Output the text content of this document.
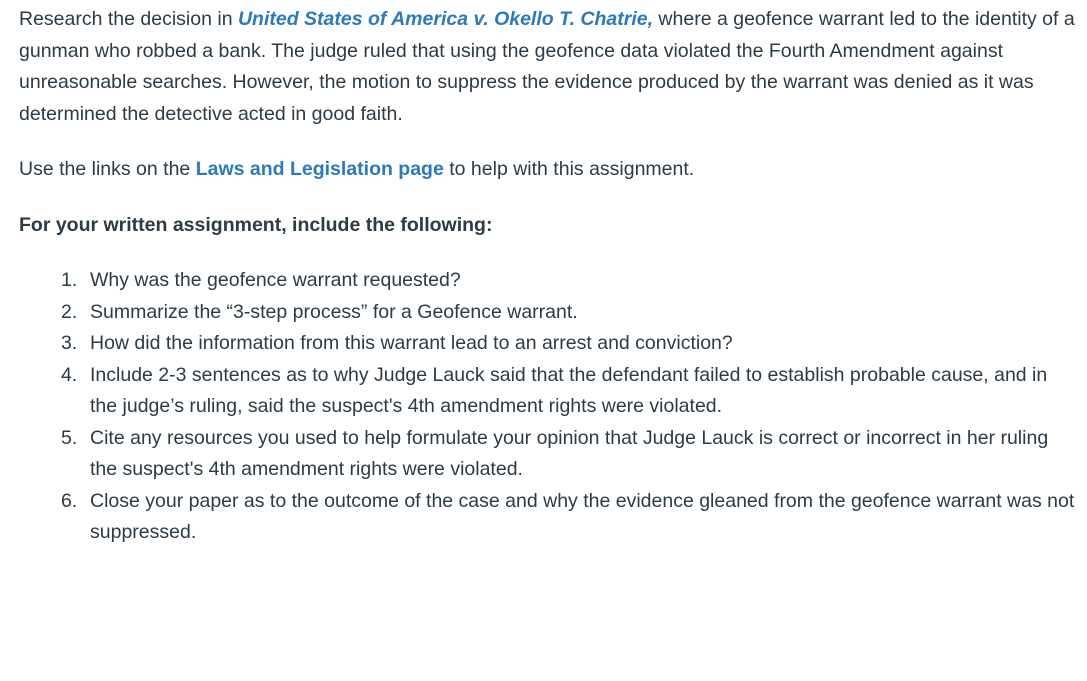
Research the decision in United States of America v. Okello T. Chatrie, where a geofence warrant led to the identity of a gunman who robbed a bank. The judge ruled that using the geofence data violated the Fourth Amendment against unreasonable searches. However, the motion to suppress the evidence produced by the warrant was denied as it was determined the detective acted in good faith.

Use the links on the Laws and Legislation page to help with this assignment.

For your written assignment, include the following:

1. Why was the geofence warrant requested?
2. Summarize the “3-step process” for a Geofence warrant.
3. How did the information from this warrant lead to an arrest and conviction?
4. Include 2-3 sentences as to why Judge Lauck said that the defendant failed to establish probable cause, and in the judge’s ruling, said the suspect's 4th amendment rights were violated.
5. Cite any resources you used to help formulate your opinion that Judge Lauck is correct or incorrect in her ruling the suspect's 4th amendment rights were violated.
6. Close your paper as to the outcome of the case and why the evidence gleaned from the geofence warrant was not suppressed.
